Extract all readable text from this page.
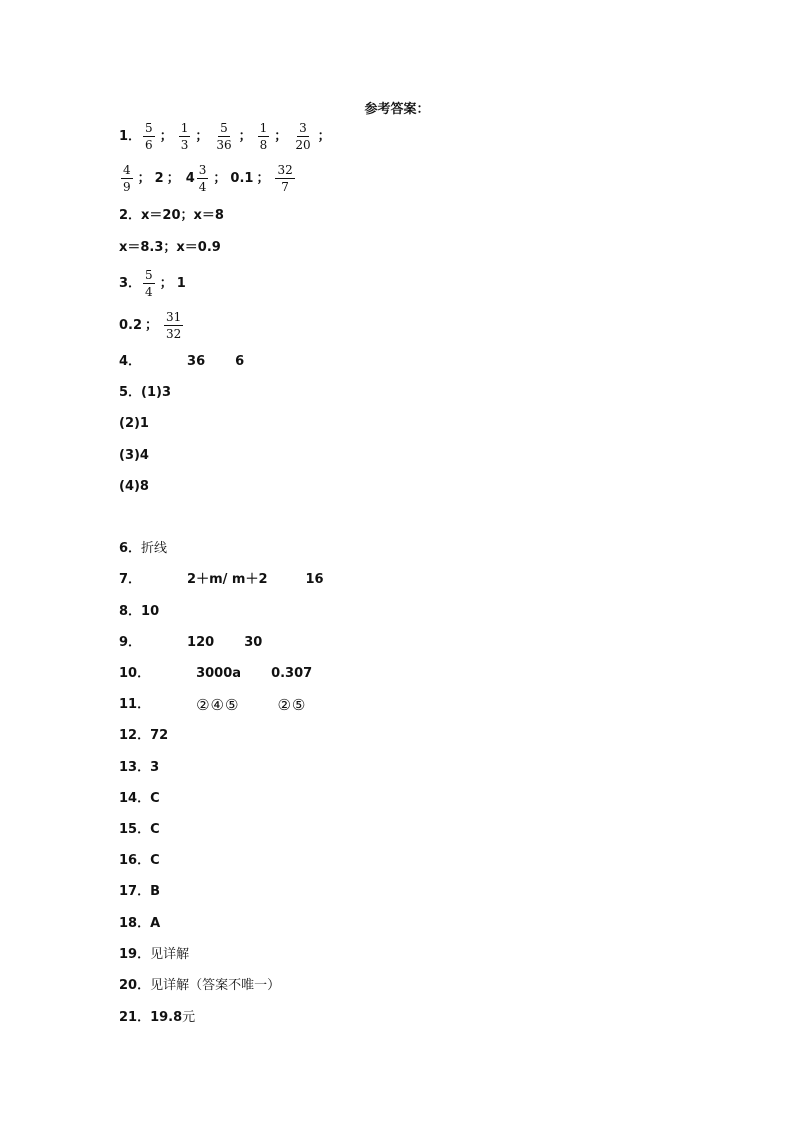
参考答案：
1． $\frac{5}{6}$ ； $\frac{1}{3}$ ； $\frac{5}{36}$ ； $\frac{1}{8}$ ； $\frac{3}{20}$ ；
$\frac{4}{9}$ ； 2 ； $4 \frac{3}{4}$ ； 0.1 ； $\frac{32}{7}$
2． x＝20；x＝8
x＝8.3；x＝0.9
3． $\frac{5}{4}$ ； 1
0.2 ； $\frac{31}{32}$
4．	36 6
5． (1)3
(2)1
(3)4
(4)8
6． 折线
7．	2＋m/ m＋2	16
8． 10
9．	120 30
10．	3000a 0.307
11．	②④⑤	②⑤
12． 72
13． 3
14． C
15． C
16． C
17． B
18． A
19． 见详解
20． 见详解（答案不唯一）
21． 19.8 元
